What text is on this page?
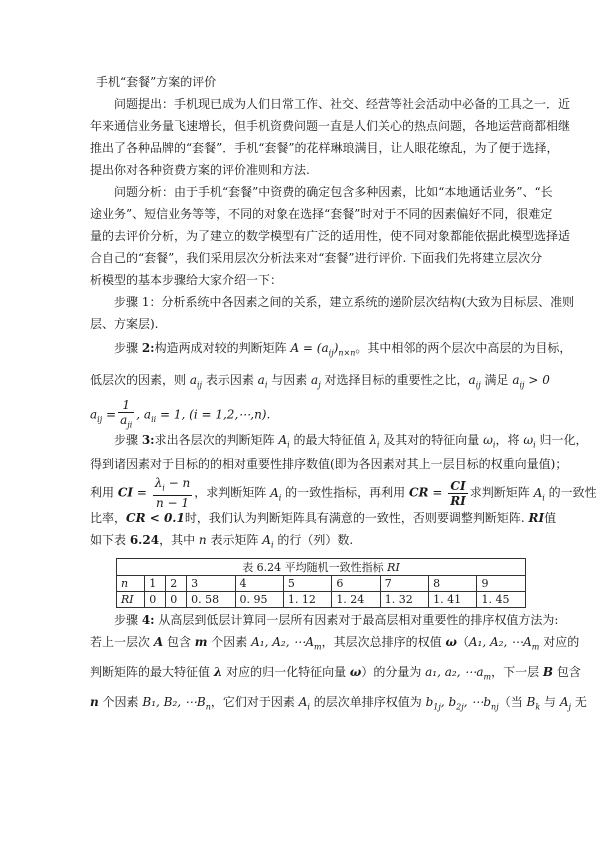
手机“套餐”方案的评价
问题提出：手机现已成为人们日常工作、社交、经营等社会活动中必备的工具之一．近
年来通信业务量飞速增长，但手机资费问题一直是人们关心的热点问题，各地运营商都相继
推出了各种品牌的“套餐”．手机“套餐”的花样琳琅满目，让人眼花缭乱，为了便于选择，
提出你对各种资费方案的评价准则和方法.
问题分析：由于手机“套餐”中资费的确定包含多种因素，比如“本地通话业务”、“长
途业务”、短信业务等等，不同的对象在选择“套餐”时对于不同的因素偏好不同，很难定
量的去评价分析，为了建立的数学模型有广泛的适用性，使不同对象都能依据此模型选择适
合自己的“套餐”，我们采用层次分析法来对“套餐”进行评价. 下面我们先将建立层次分
析模型的基本步骤给大家介绍一下：
步骤 1：分析系统中各因素之间的关系，建立系统的递阶层次结构(大致为目标层、准则
层、方案层).
步骤 2:构造两成对较的判断矩阵 $A = (a_{ij})_{n\times n}$。其中相邻的两个层次中高层的为目标，
低层次的因素，则 $a_{ij}$ 表示因素 $a_i$ 与因素 $a_j$ 对选择目标的重要性之比，$a_{ij}$ 满足 $a_{ij} > 0$
$a_{ij} = \frac{1}{a_{ji}}$ , $a_{ii} = 1$, (i = 1,2,⋯,n).
步骤 3:求出各层次的判断矩阵 $A_i$ 的最大特征值 $\lambda_i$ 及其对的特征向量 $\omega_i$，将 $\omega_i$ 归一化，
得到诸因素对于目标的的相对重要性排序数值(即为各因素对其上一层目标的权重向量值)；
利用 CI = $\frac{\lambda_i - n}{n - 1}$ ，求判断矩阵 $A_i$ 的一致性指标，再利用 CR = $\frac{CI}{RI}$ 求判断矩阵 $A_i$ 的一致性
比率，CR < 0.1时，我们认为判断矩阵具有满意的一致性，否则要调整判断矩阵. RI值
如下表 6.24，其中 n 表示矩阵 $A_i$ 的行（列）数.
表 6.24 平均随机一致性指标 RI									
n	1	2	3	4	5	6	7	8	9
RI	0	0	0. 58	0. 95	1. 12	1. 24	1. 32	1. 41	1. 45
步骤 4: 从高层到低层计算同一层所有因素对于最高层相对重要性的排序权值方法为:
若上一层次 A 包含 m 个因素 A₁, A₂, $\cdots A_m$，其层次总排序的权值 ω（A₁, A₂, $\cdots A_m$ 对应的
判断矩阵的最大特征值 λ 对应的归一化特征向量 ω）的分量为 a₁, a₂, $\cdots a_m$，下一层 B 包含
n 个因素 B₁, B₂, $\cdots B_n$，它们对于因素 $A_i$ 的层次单排序权值为 $b_{1j}$, $b_{2j}$, $\cdots b_{nj}$（当 $B_k$ 与 $A_j$ 无
